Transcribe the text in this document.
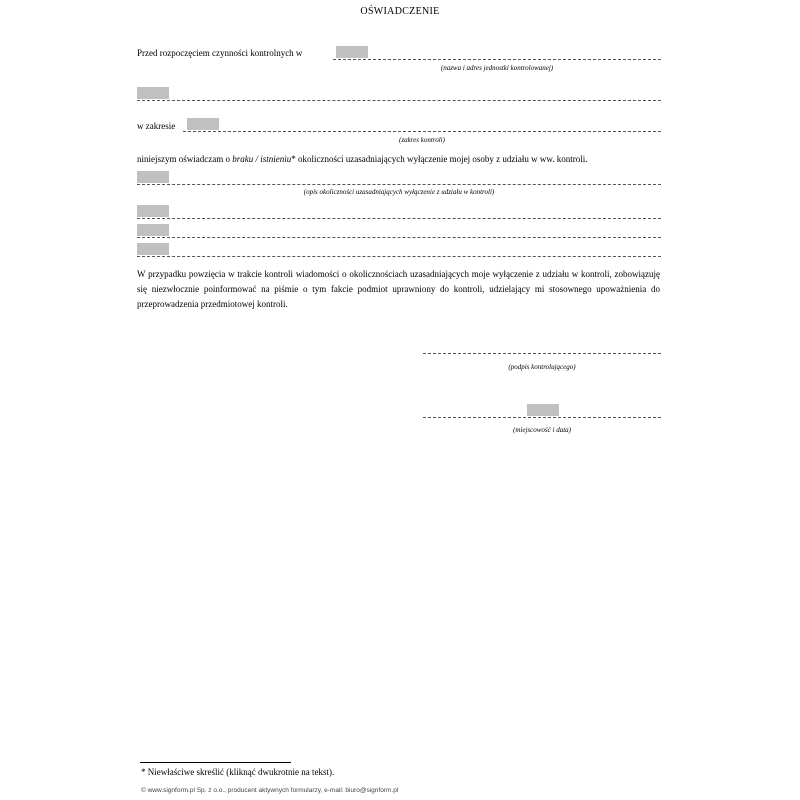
OŚWIADCZENIE
Przed rozpoczęciem czynności kontrolnych w
(nazwa i adres jednostki kontrolowanej)
w zakresie
(zakres kontroli)
niniejszym oświadczam o braku / istnieniu* okoliczności uzasadniających wyłączenie mojej osoby z udziału w ww. kontroli.
(opis okoliczności uzasadniających wyłączenie z udziału w kontroli)
W przypadku powzięcia w trakcie kontroli wiadomości o okolicznościach uzasadniających moje wyłączenie z udziału w kontroli, zobowiązuję się niezwłocznie poinformować na piśmie o tym fakcie podmiot uprawniony do kontroli, udzielający mi stosownego upoważnienia do przeprowadzenia przedmiotowej kontroli.
(podpis kontrolującego)
(miejscowość i data)
* Niewłaściwe skreślić (kliknąć dwukrotnie na tekst).
© www.signform.pl Sp. z o.o., producent aktywnych formularzy, e-mail: biuro@signform.pl
